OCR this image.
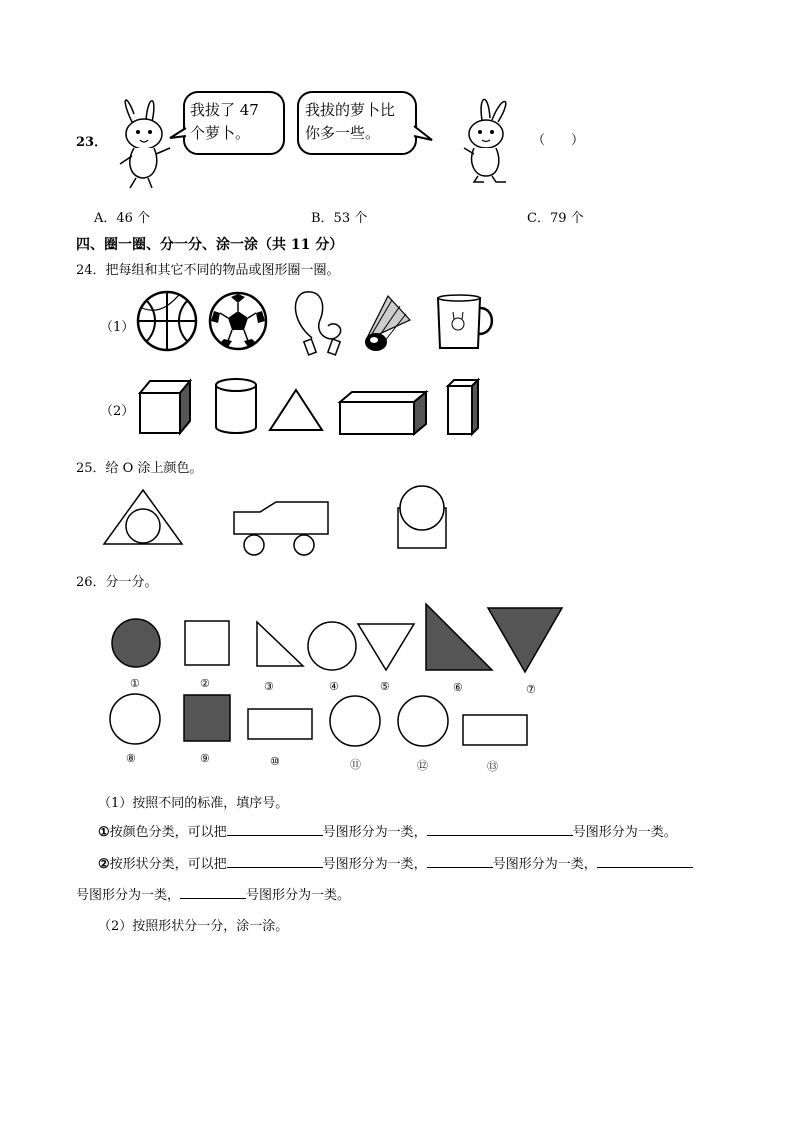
23．
我拔了 47
个萝卜。
我拔的萝卜比
你多一些。	（　　）
A．46 个	B．53 个	C．79 个
四、圈一圈、分一分、涂一涂（共 11 分）
24．把每组和其它不同的物品或图形圈一圈。
（1）
（2）
25．给 O 涂上颜色。
26．分一分。
①	②	③	④	⑤	⑥	⑦
⑧	⑨	⑩	⑪	⑫	⑬
（1）按照不同的标准，填序号。
①按颜色分类，可以把	号图形分为一类，	号图形分为一类。
②按形状分类，可以把	号图形分为一类，	号图形分为一类，
号图形分为一类，	号图形分为一类。
（2）按照形状分一分，涂一涂。
